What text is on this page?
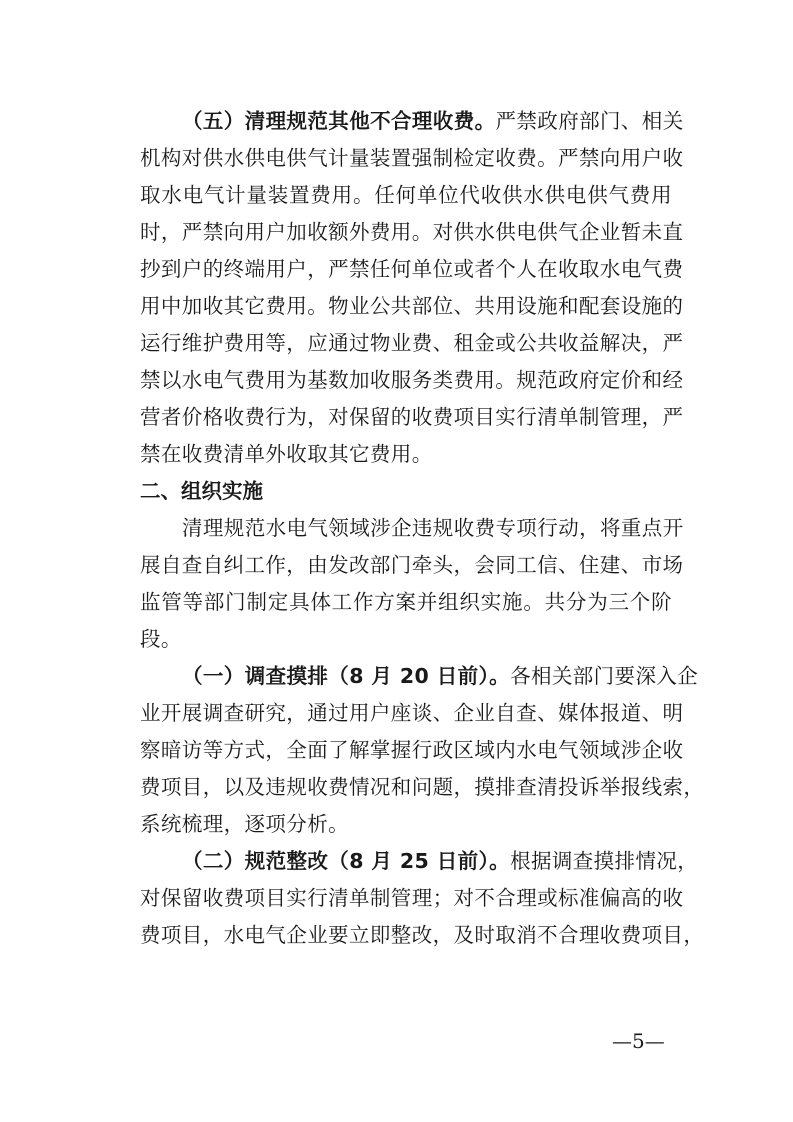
（五）清理规范其他不合理收费。严禁政府部门、相关
机构对供水供电供气计量装置强制检定收费。严禁向用户收
取水电气计量装置费用。任何单位代收供水供电供气费用
时，严禁向用户加收额外费用。对供水供电供气企业暂未直
抄到户的终端用户，严禁任何单位或者个人在收取水电气费
用中加收其它费用。物业公共部位、共用设施和配套设施的
运行维护费用等，应通过物业费、租金或公共收益解决，严
禁以水电气费用为基数加收服务类费用。规范政府定价和经
营者价格收费行为，对保留的收费项目实行清单制管理，严
禁在收费清单外收取其它费用。
二、组织实施
清理规范水电气领域涉企违规收费专项行动，将重点开
展自查自纠工作，由发改部门牵头，会同工信、住建、市场
监管等部门制定具体工作方案并组织实施。共分为三个阶
段。
（一）调查摸排（8 月 20 日前）。各相关部门要深入企
业开展调查研究，通过用户座谈、企业自查、媒体报道、明
察暗访等方式，全面了解掌握行政区域内水电气领域涉企收
费项目，以及违规收费情况和问题，摸排查清投诉举报线索，
系统梳理，逐项分析。
（二）规范整改（8 月 25 日前）。根据调查摸排情况，
对保留收费项目实行清单制管理；对不合理或标准偏高的收
费项目，水电气企业要立即整改，及时取消不合理收费项目，
—5—
